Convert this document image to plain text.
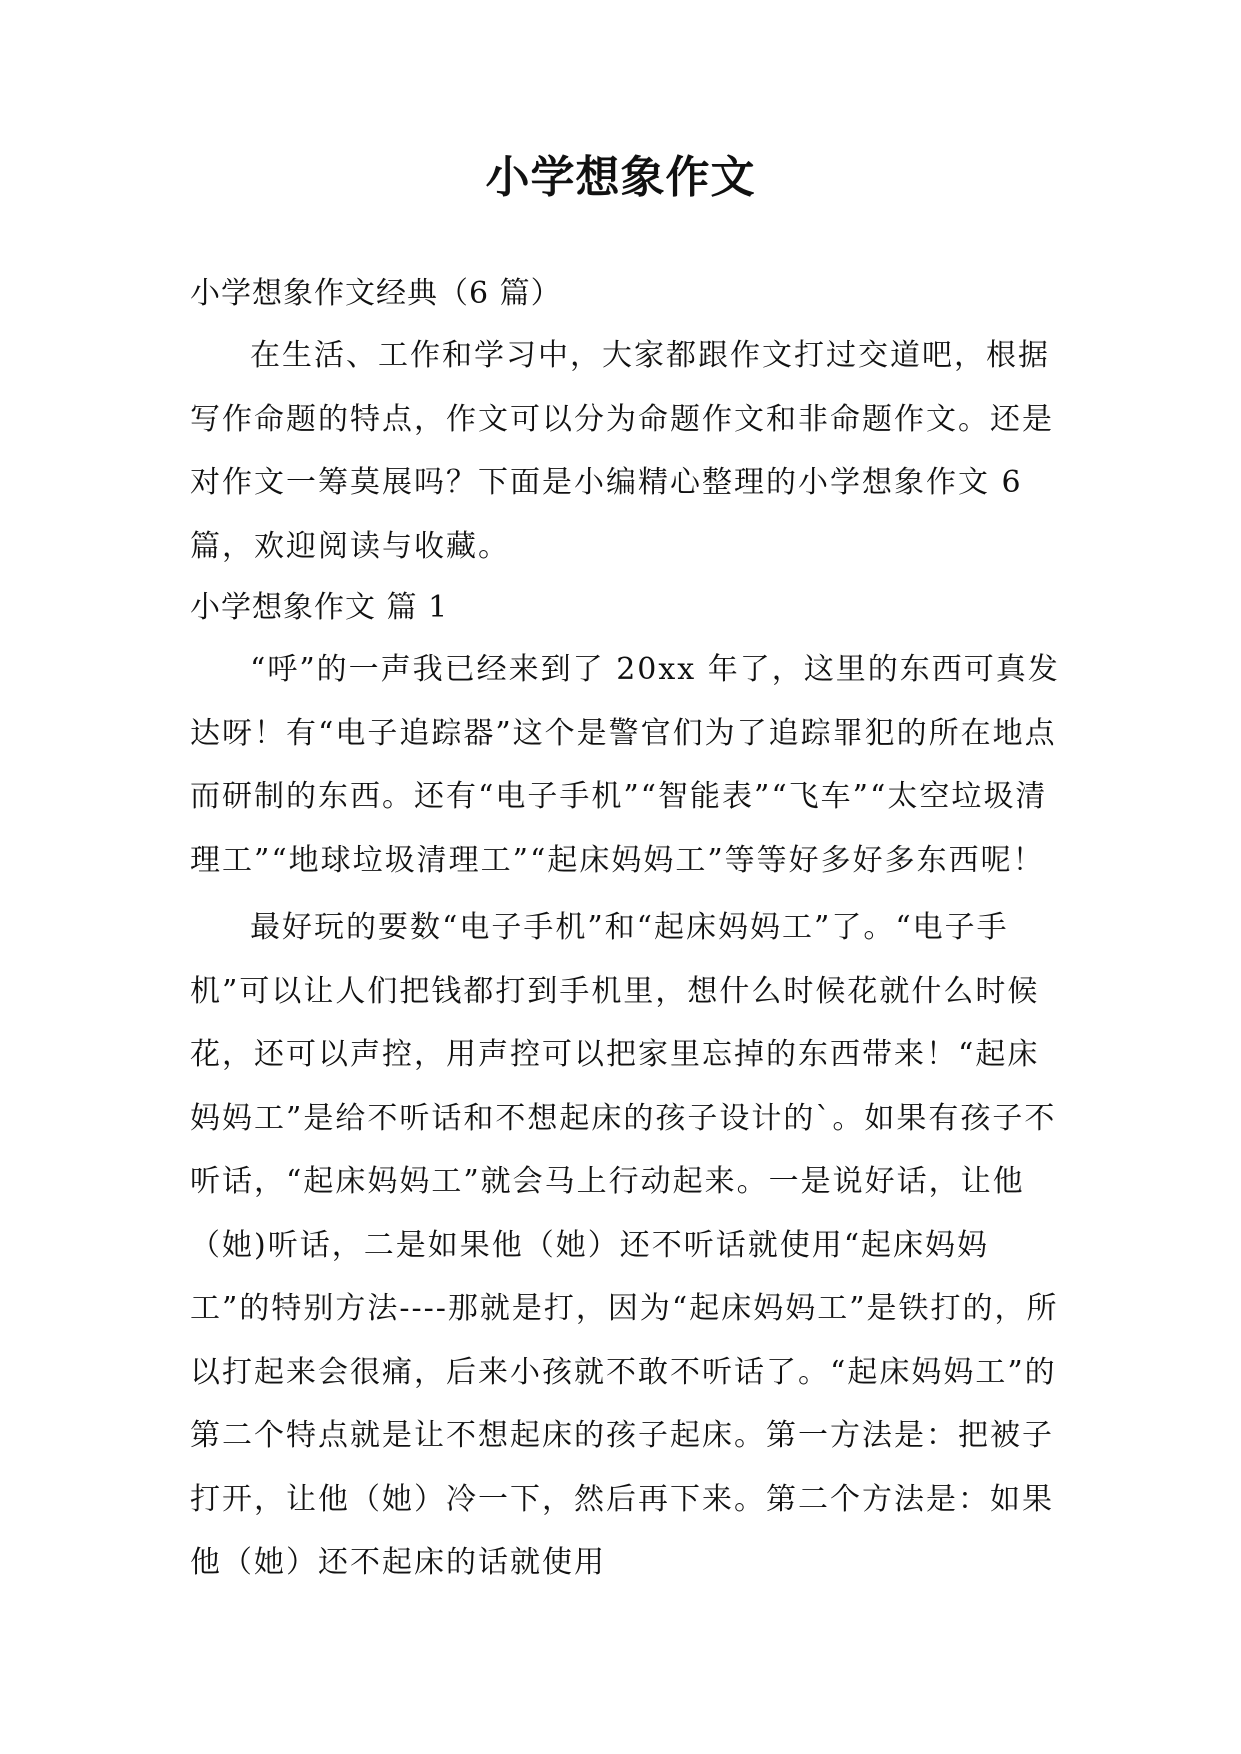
小学想象作文

小学想象作文经典（6 篇）

在生活、工作和学习中，大家都跟作文打过交道吧，根据写作命题的特点，作文可以分为命题作文和非命题作文。还是对作文一筹莫展吗？下面是小编精心整理的小学想象作文 6 篇，欢迎阅读与收藏。

小学想象作文 篇 1

“呼”的一声我已经来到了 20xx 年了，这里的东西可真发达呀！有“电子追踪器”这个是警官们为了追踪罪犯的所在地点而研制的东西。还有“电子手机”“智能表”“飞车”“太空垃圾清理工”“地球垃圾清理工”“起床妈妈工”等等好多好多东西呢！

最好玩的要数“电子手机”和“起床妈妈工”了。“电子手机”可以让人们把钱都打到手机里，想什么时候花就什么时候花，还可以声控，用声控可以把家里忘掉的东西带来！“起床妈妈工”是给不听话和不想起床的孩子设计的`。如果有孩子不听话，“起床妈妈工”就会马上行动起来。一是说好话，让他（她)听话，二是如果他（她）还不听话就使用“起床妈妈工”的特别方法----那就是打，因为“起床妈妈工”是铁打的，所以打起来会很痛，后来小孩就不敢不听话了。“起床妈妈工”的第二个特点就是让不想起床的孩子起床。第一方法是：把被子打开，让他（她）冷一下，然后再下来。第二个方法是：如果他（她）还不起床的话就使用
